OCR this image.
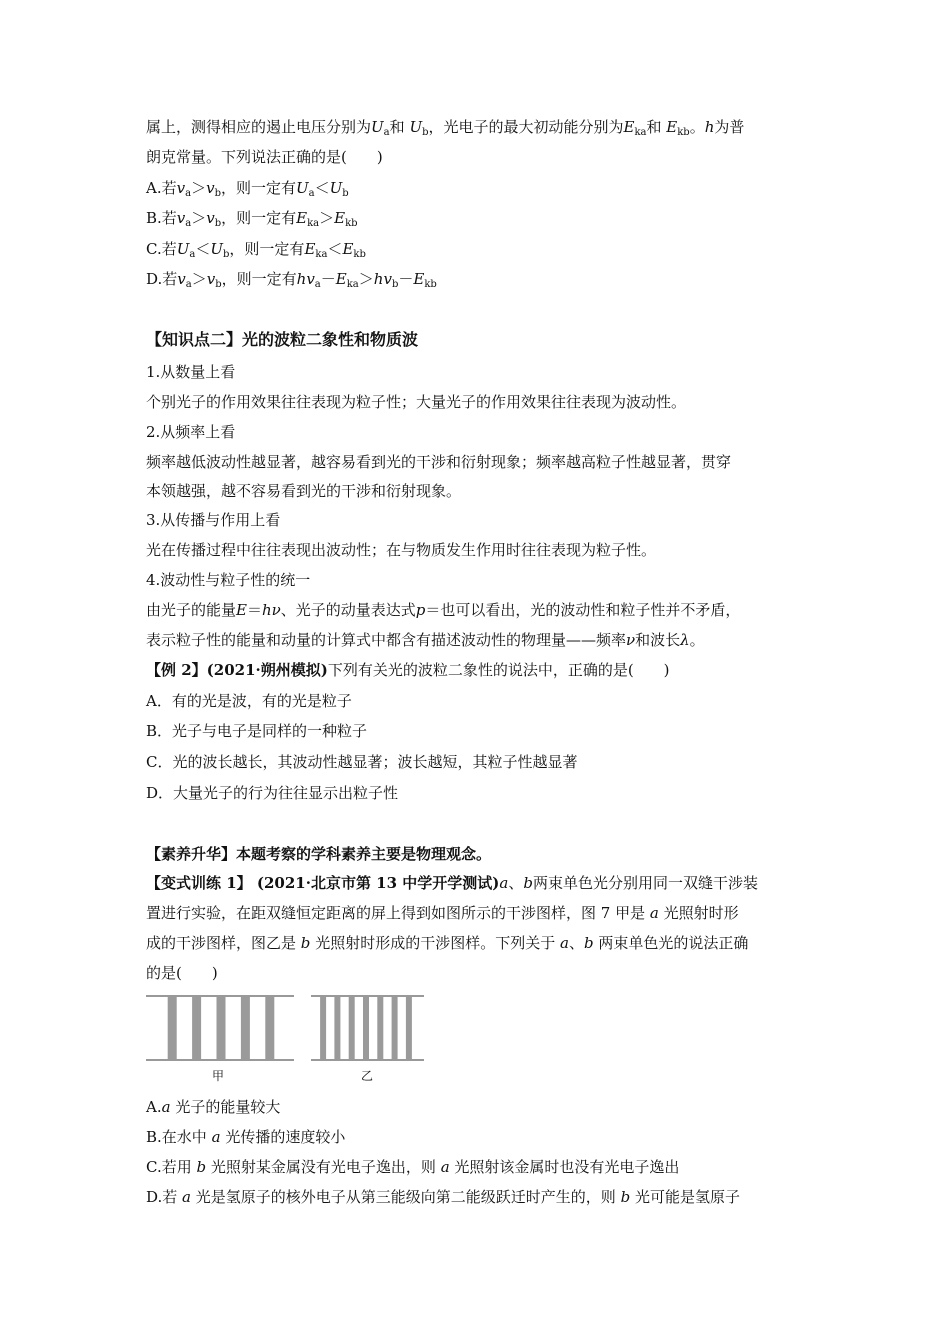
属上，测得相应的遏止电压分别为$U_a$和 $U_b$，光电子的最大初动能分别为$E_{ka}$和 $E_{kb}$。h为普
朗克常量。下列说法正确的是(　　)
A.若$v_a>v_b$，则一定有$U_a<U_b$
B.若$v_a>v_b$，则一定有$E_{ka}>E_{kb}$
C.若$U_a<U_b$，则一定有$E_{ka}<E_{kb}$
D.若$v_a>v_b$，则一定有$hv_a-E_{ka}>hv_b-E_{kb}$
【知识点二】光的波粒二象性和物质波
1.从数量上看
个别光子的作用效果往往表现为粒子性；大量光子的作用效果往往表现为波动性。
2.从频率上看
频率越低波动性越显著，越容易看到光的干涉和衍射现象；频率越高粒子性越显著，贯穿
本领越强，越不容易看到光的干涉和衍射现象。
3.从传播与作用上看
光在传播过程中往往表现出波动性；在与物质发生作用时往往表现为粒子性。
4.波动性与粒子性的统一
由光子的能量E＝hν、光子的动量表达式p＝也可以看出，光的波动性和粒子性并不矛盾，
表示粒子性的能量和动量的计算式中都含有描述波动性的物理量——频率ν和波长λ。
【例 2】(2021·朔州模拟)下列有关光的波粒二象性的说法中，正确的是(　　)
A．有的光是波，有的光是粒子
B．光子与电子是同样的一种粒子
C．光的波长越长，其波动性越显著；波长越短，其粒子性越显著
D．大量光子的行为往往显示出粒子性
【素养升华】本题考察的学科素养主要是物理观念。
【变式训练 1】 (2021·北京市第 13 中学开学测试)a、b两束单色光分别用同一双缝干涉装
置进行实验，在距双缝恒定距离的屏上得到如图所示的干涉图样，图 7 甲是 a 光照射时形
成的干涉图样，图乙是 b 光照射时形成的干涉图样。下列关于 a、b 两束单色光的说法正确
的是(　　)
甲	乙
A.a 光子的能量较大
B.在水中 a 光传播的速度较小
C.若用 b 光照射某金属没有光电子逸出，则 a 光照射该金属时也没有光电子逸出
D.若 a 光是氢原子的核外电子从第三能级向第二能级跃迁时产生的，则 b 光可能是氢原子
